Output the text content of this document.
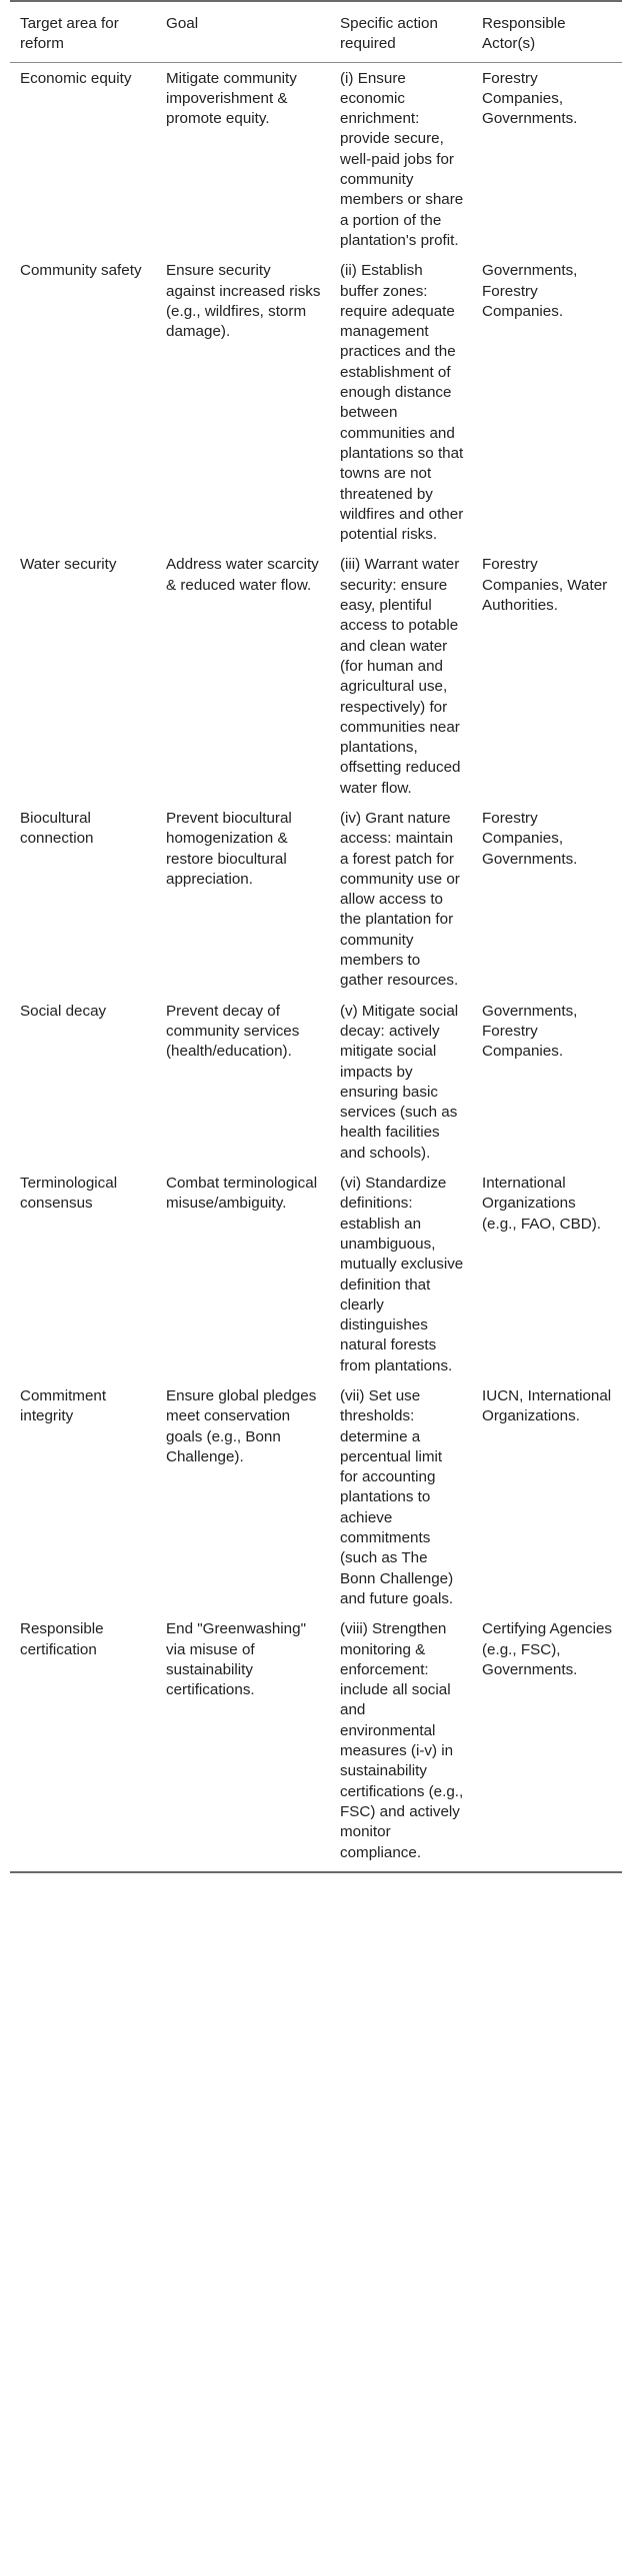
Target area for reform	Goal	Specific action required	Responsible Actor(s)
Economic equity	Mitigate community impoverishment & promote equity.	(i) Ensure economic enrichment: provide secure, well-paid jobs for community members or share a portion of the plantation's profit.	Forestry Companies, Governments.
Community safety	Ensure security against increased risks (e.g., wildfires, storm damage).	(ii) Establish buffer zones: require adequate management practices and the establishment of enough distance between communities and plantations so that towns are not threatened by wildfires and other potential risks.	Governments, Forestry Companies.
Water security	Address water scarcity & reduced water flow.	(iii) Warrant water security: ensure easy, plentiful access to potable and clean water (for human and agricultural use, respectively) for communities near plantations, offsetting reduced water flow.	Forestry Companies, Water Authorities.
Biocultural connection	Prevent biocultural homogenization & restore biocultural appreciation.	(iv) Grant nature access: maintain a forest patch for community use or allow access to the plantation for community members to gather resources.	Forestry Companies, Governments.
Social decay	Prevent decay of community services (health/education).	(v) Mitigate social decay: actively mitigate social impacts by ensuring basic services (such as health facilities and schools).	Governments, Forestry Companies.
Terminological consensus	Combat terminological misuse/ambiguity.	(vi) Standardize definitions: establish an unambiguous, mutually exclusive definition that clearly distinguishes natural forests from plantations.	International Organizations (e.g., FAO, CBD).
Commitment integrity	Ensure global pledges meet conservation goals (e.g., Bonn Challenge).	(vii) Set use thresholds: determine a percentual limit for accounting plantations to achieve commitments (such as The Bonn Challenge) and future goals.	IUCN, International Organizations.
Responsible certification	End "Greenwashing" via misuse of sustainability certifications.	(viii) Strengthen monitoring & enforcement: include all social and environmental measures (i-v) in sustainability certifications (e.g., FSC) and actively monitor compliance.	Certifying Agencies (e.g., FSC), Governments.
